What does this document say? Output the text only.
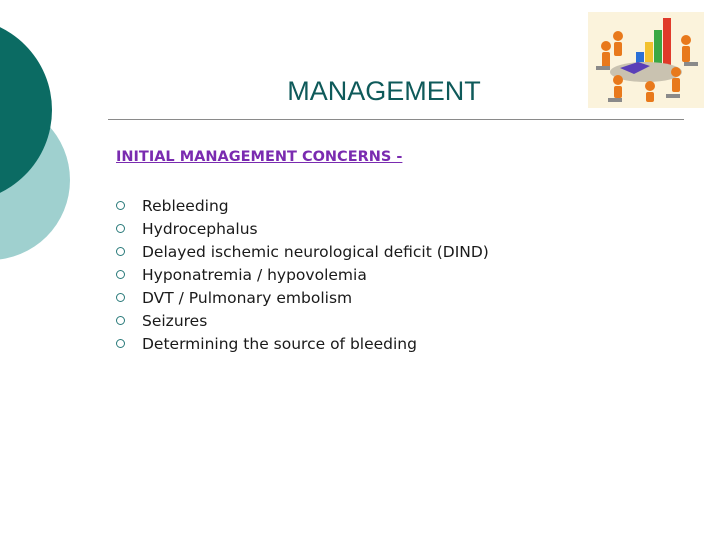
MANAGEMENT

INITIAL MANAGEMENT CONCERNS -

Rebleeding
Hydrocephalus
Delayed ischemic neurological deficit (DIND)
Hyponatremia / hypovolemia
DVT / Pulmonary embolism
Seizures
Determining the source of bleeding
